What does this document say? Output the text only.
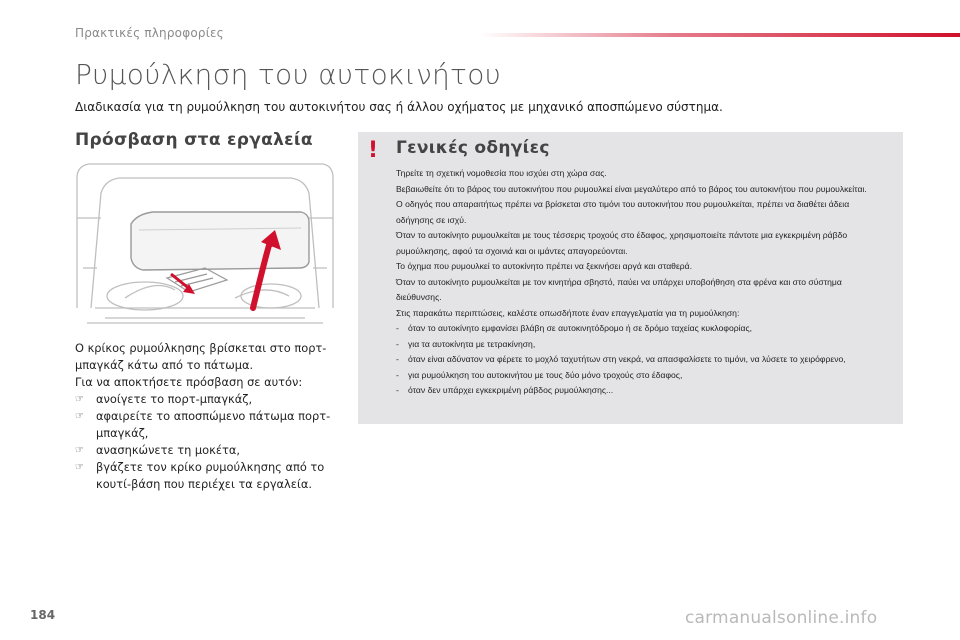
Πρακτικές πληροφορίες
Ρυμούλκηση του αυτοκινήτου
Διαδικασία για τη ρυμούλκηση του αυτοκινήτου σας ή άλλου οχήματος με μηχανικό αποσπώμενο σύστημα.
Πρόσβαση στα εργαλεία

Ο κρίκος ρυμούλκησης βρίσκεται στο πορτ-μπαγκάζ κάτω από το πάτωμα.

Για να αποκτήσετε πρόσβαση σε αυτόν:

☞ ανοίγετε το πορτ-μπαγκάζ,
☞ αφαιρείτε το αποσπώμενο πάτωμα πορτ-μπαγκάζ,
☞ ανασηκώνετε τη μοκέτα,
☞ βγάζετε τον κρίκο ρυμούλκησης από το κουτί-βάση που περιέχει τα εργαλεία.
! Γενικές οδηγίες

Τηρείτε τη σχετική νομοθεσία που ισχύει στη χώρα σας.

Βεβαιωθείτε ότι το βάρος του αυτοκινήτου που ρυμουλκεί είναι μεγαλύτερο από το βάρος του αυτοκινήτου που ρυμουλκείται.

Ο οδηγός που απαραιτήτως πρέπει να βρίσκεται στο τιμόνι του αυτοκινήτου που ρυμουλκείται, πρέπει να διαθέτει άδεια

οδήγησης σε ισχύ.

Όταν το αυτοκίνητο ρυμουλκείται με τους τέσσερις τροχούς στο έδαφος, χρησιμοποιείτε πάντοτε μια εγκεκριμένη ράβδο

ρυμούλκησης, αφού τα σχοινιά και οι ιμάντες απαγορεύονται.

Το όχημα που ρυμουλκεί το αυτοκίνητο πρέπει να ξεκινήσει αργά και σταθερά.

Όταν το αυτοκίνητο ρυμουλκείται με τον κινητήρα σβηστό, παύει να υπάρχει υποβοήθηση στα φρένα και στο σύστημα

διεύθυνσης.

Στις παρακάτω περιπτώσεις, καλέστε οπωσδήποτε έναν επαγγελματία για τη ρυμούλκηση:

- όταν το αυτοκίνητο εμφανίσει βλάβη σε αυτοκινητόδρομο ή σε δρόμο ταχείας κυκλοφορίας,
- για τα αυτοκίνητα με τετρακίνηση,
- όταν είναι αδύνατον να φέρετε το μοχλό ταχυτήτων στη νεκρά, να απασφαλίσετε το τιμόνι, να λύσετε το χειρόφρενο,
- για ρυμούλκηση του αυτοκινήτου με τους δύο μόνο τροχούς στο έδαφος,
- όταν δεν υπάρχει εγκεκριμένη ράβδος ρυμούλκησης...
184	carmanualsonline.info
